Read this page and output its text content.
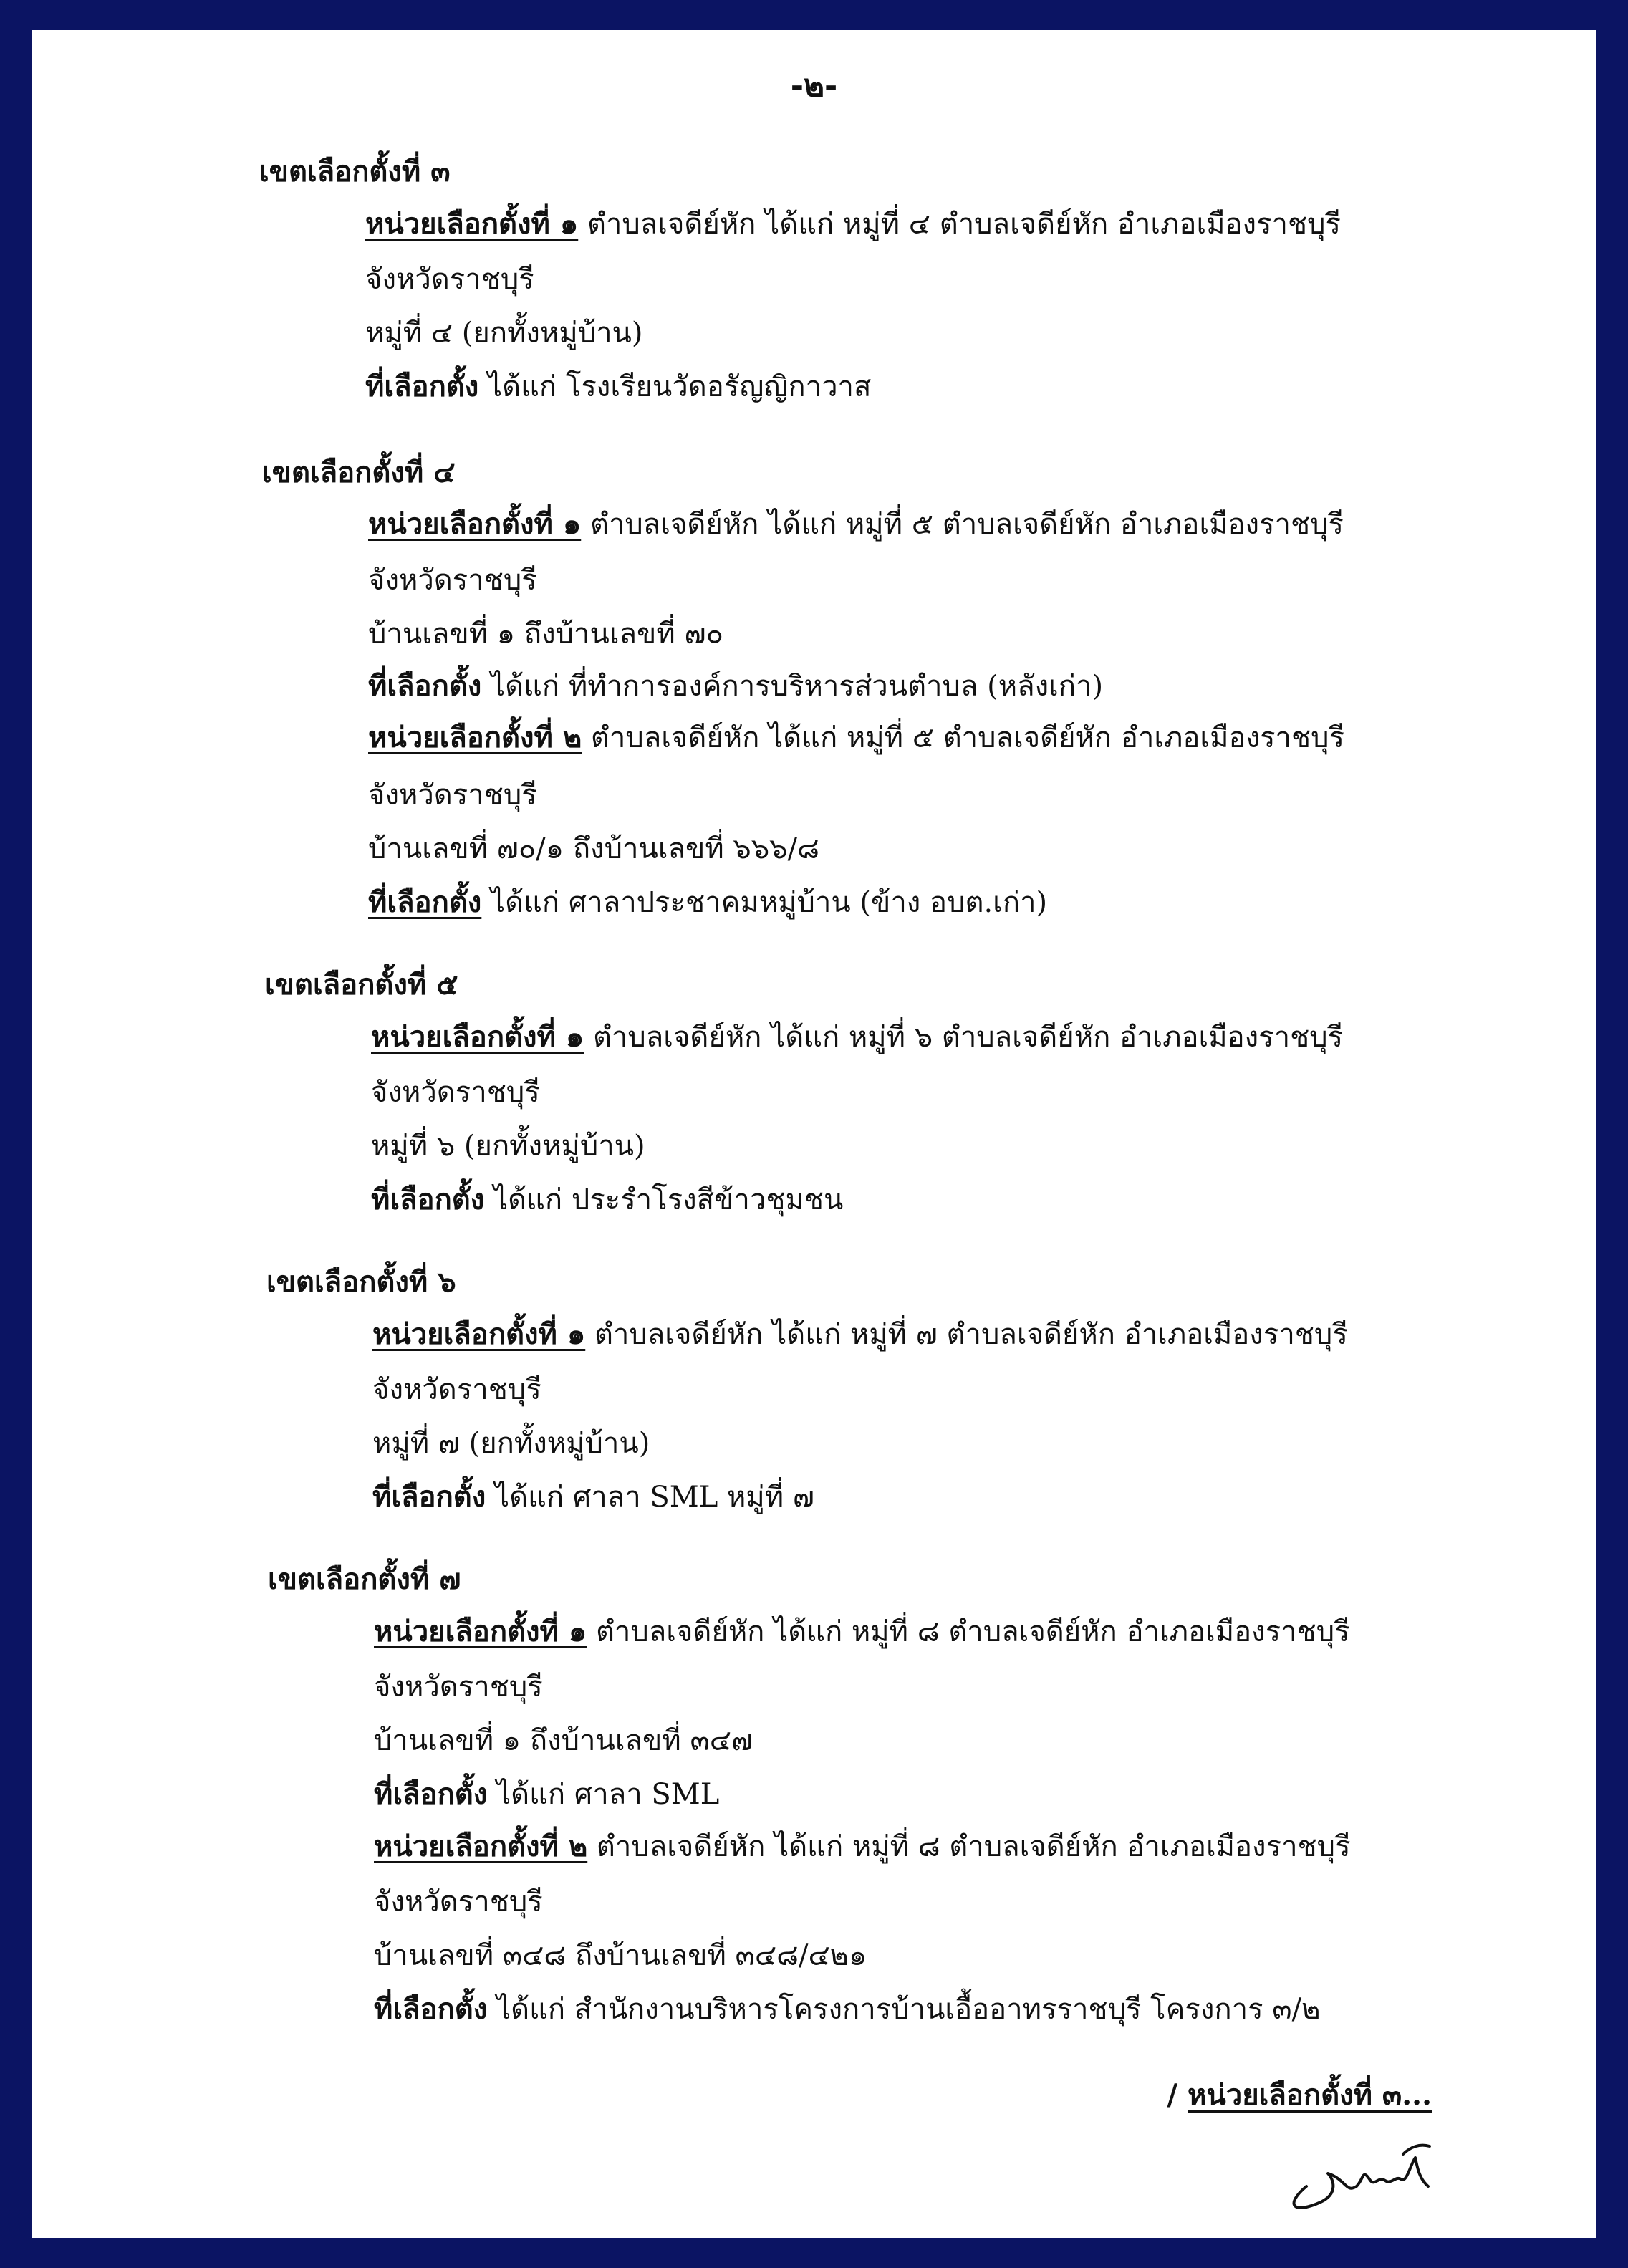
-๒-
เขตเลือกตั้งที่ ๓
หน่วยเลือกตั้งที่ ๑ ตำบลเจดีย์หัก ได้แก่ หมู่ที่ ๔ ตำบลเจดีย์หัก อำเภอเมืองราชบุรี
จังหวัดราชบุรี
หมู่ที่ ๔ (ยกทั้งหมู่บ้าน)
ที่เลือกตั้ง ได้แก่ โรงเรียนวัดอรัญญิกาวาส
เขตเลือกตั้งที่ ๔
หน่วยเลือกตั้งที่ ๑ ตำบลเจดีย์หัก ได้แก่ หมู่ที่ ๕ ตำบลเจดีย์หัก อำเภอเมืองราชบุรี
จังหวัดราชบุรี
บ้านเลขที่ ๑ ถึงบ้านเลขที่ ๗๐
ที่เลือกตั้ง ได้แก่ ที่ทำการองค์การบริหารส่วนตำบล (หลังเก่า)
หน่วยเลือกตั้งที่ ๒ ตำบลเจดีย์หัก ได้แก่ หมู่ที่ ๕ ตำบลเจดีย์หัก อำเภอเมืองราชบุรี
จังหวัดราชบุรี
บ้านเลขที่ ๗๐/๑ ถึงบ้านเลขที่ ๖๖๖/๘
ที่เลือกตั้ง ได้แก่ ศาลาประชาคมหมู่บ้าน (ข้าง อบต.เก่า)
เขตเลือกตั้งที่ ๕
หน่วยเลือกตั้งที่ ๑ ตำบลเจดีย์หัก ได้แก่ หมู่ที่ ๖ ตำบลเจดีย์หัก อำเภอเมืองราชบุรี
จังหวัดราชบุรี
หมู่ที่ ๖ (ยกทั้งหมู่บ้าน)
ที่เลือกตั้ง ได้แก่ ประรำโรงสีข้าวชุมชน
เขตเลือกตั้งที่ ๖
หน่วยเลือกตั้งที่ ๑ ตำบลเจดีย์หัก ได้แก่ หมู่ที่ ๗ ตำบลเจดีย์หัก อำเภอเมืองราชบุรี
จังหวัดราชบุรี
หมู่ที่ ๗ (ยกทั้งหมู่บ้าน)
ที่เลือกตั้ง ได้แก่ ศาลา SML หมู่ที่ ๗
เขตเลือกตั้งที่ ๗
หน่วยเลือกตั้งที่ ๑ ตำบลเจดีย์หัก ได้แก่ หมู่ที่ ๘ ตำบลเจดีย์หัก อำเภอเมืองราชบุรี
จังหวัดราชบุรี
บ้านเลขที่ ๑ ถึงบ้านเลขที่ ๓๔๗
ที่เลือกตั้ง ได้แก่ ศาลา SML
หน่วยเลือกตั้งที่ ๒ ตำบลเจดีย์หัก ได้แก่ หมู่ที่ ๘ ตำบลเจดีย์หัก อำเภอเมืองราชบุรี
จังหวัดราชบุรี
บ้านเลขที่ ๓๔๘ ถึงบ้านเลขที่ ๓๔๘/๔๒๑
ที่เลือกตั้ง ได้แก่ สำนักงานบริหารโครงการบ้านเอื้ออาทรราชบุรี โครงการ ๓/๒
/ หน่วยเลือกตั้งที่ ๓...
